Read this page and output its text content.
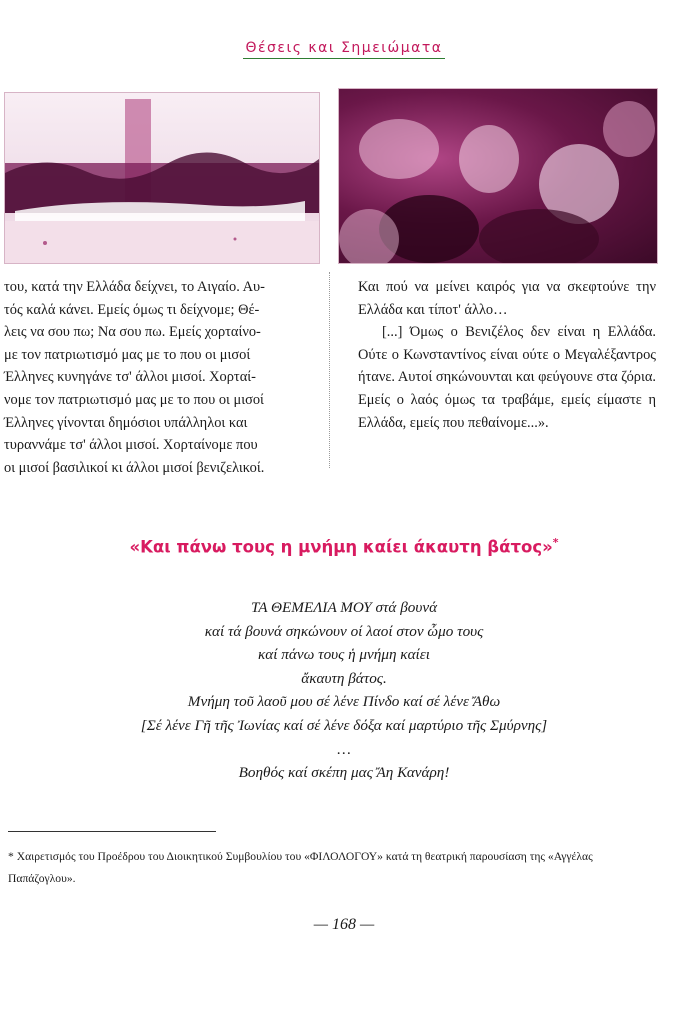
Θέσεις και Σημειώματα

του, κατά την Ελλάδα δείχνει, το Αιγαίο. Αυ-

τός καλά κάνει. Εμείς όμως τι δείχνομε; Θέ-

λεις να σου πω; Να σου πω. Εμείς χορταίνο-

με τον πατριωτισμό μας με το που οι μισοί

Έλληνες κυνηγάνε τσ' άλλοι μισοί. Χορταί-

νομε τον πατριωτισμό μας με το που οι μισοί

Έλληνες γίνονται δημόσιοι υπάλληλοι και

τυραννάμε τσ' άλλοι μισοί. Χορταίνομε που

οι μισοί βασιλικοί κι άλλοι μισοί βενιζελικοί.

Και πού να μείνει καιρός για να σκεφτούνε την Ελλάδα και τίποτ' άλλο…

[...] Όμως ο Βενιζέλος δεν είναι η Ελλάδα. Ούτε ο Κωνσταντίνος είναι ούτε ο Μεγαλέξαντρος ήτανε. Αυτοί σηκώνουνται και φεύγουνε στα ζόρια. Εμείς ο λαός όμως τα τραβάμε, εμείς είμαστε η Ελλάδα, εμείς που πεθαίνομε...».

«Και πάνω τους η μνήμη καίει άκαυτη βάτος»*
ΤΑ ΘΕΜΕΛΙΑ ΜΟΥ στά βουνά
καί τά βουνά σηκώνουν οί λαοί στον ὦμο τους
καί πάνω τους ἡ μνήμη καίει
ἄκαυτη βάτος.
Μνήμη τοῦ λαοῦ μου σέ λένε Πίνδο καί σέ λένε Ἄθω
[Σέ λένε Γῆ τῆς Ἰωνίας καί σέ λένε δόξα καί μαρτύριο τῆς Σμύρνης]
…
Βοηθός καί σκέπη μας Ἄη Κανάρη!
* Χαιρετισμός του Προέδρου του Διοικητικού Συμβουλίου του «ΦΙΛΟΛΟΓΟΥ» κατά τη θεατρική παρουσίαση της «Αγγέλας Παπάζογλου».
— 168 —
